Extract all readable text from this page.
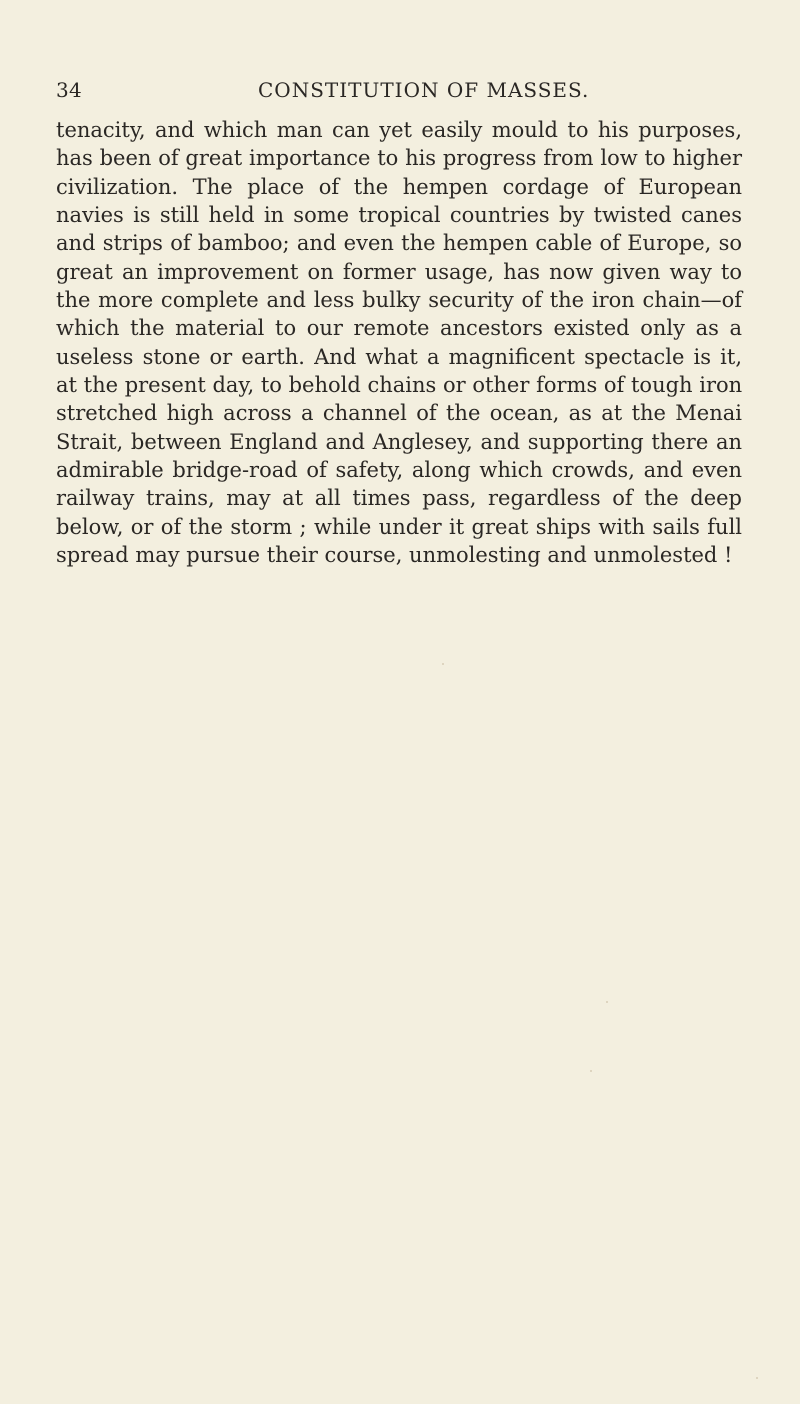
34	CONSTITUTION OF MASSES.
tenacity, and which man can yet easily mould to his purposes,
has been of great importance to his progress from low to higher
civilization. The place of the hempen cordage of European
navies is still held in some tropical countries by twisted canes
and strips of bamboo; and even the hempen cable of Europe, so
great an improvement on former usage, has now given way to
the more complete and less bulky security of the iron chain—of
which the material to our remote ancestors existed only as a
useless stone or earth. And what a magnificent spectacle is it,
at the present day, to behold chains or other forms of tough iron
stretched high across a channel of the ocean, as at the Menai
Strait, between England and Anglesey, and supporting there an
admirable bridge-road of safety, along which crowds, and even
railway trains, may at all times pass, regardless of the deep
below, or of the storm ; while under it great ships with sails full
spread may pursue their course, unmolesting and unmolested !
